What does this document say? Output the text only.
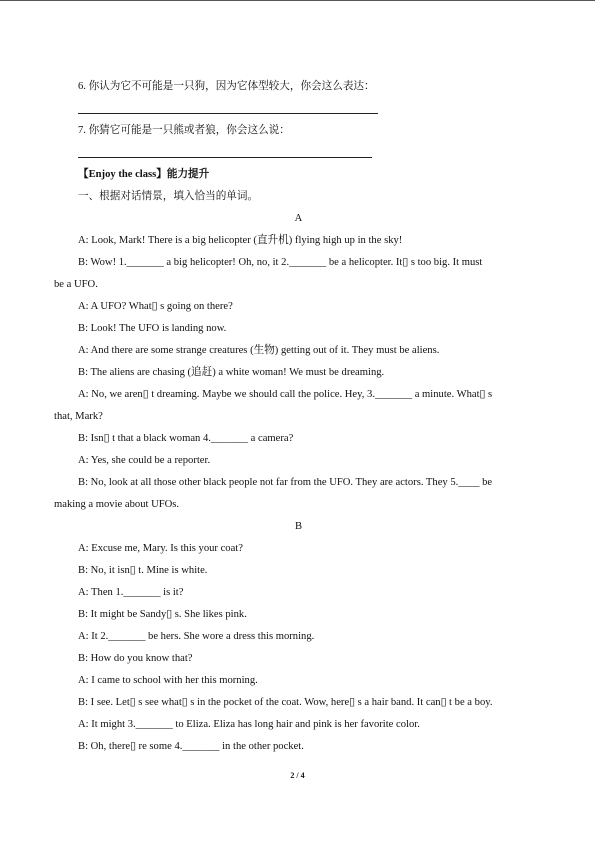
6. 你认为它不可能是一只狗，因为它体型较大，你会这么表达：
7. 你猜它可能是一只熊或者狼，你会这么说：
【Enjoy the class】能力提升
一、根据对话情景，填入恰当的单词。
A
A: Look, Mark! There is a big helicopter (直升机) flying high up in the sky!
B: Wow! 1._______ a big helicopter! Oh, no, it 2._______ be a helicopter. It▯ s too big. It must
be a UFO.
A: A UFO? What▯ s going on there?
B: Look! The UFO is landing now.
A: And there are some strange creatures (生物) getting out of it. They must be aliens.
B: The aliens are chasing (追赶) a white woman! We must be dreaming.
A: No, we aren▯ t dreaming. Maybe we should call the police. Hey, 3._______ a minute. What▯ s
that, Mark?
B: Isn▯ t that a black woman 4._______ a camera?
A: Yes, she could be a reporter.
B: No, look at all those other black people not far from the UFO. They are actors. They 5.____ be
making a movie about UFOs.
B
A: Excuse me, Mary. Is this your coat?
B: No, it isn▯ t. Mine is white.
A: Then 1._______ is it?
B: It might be Sandy▯ s. She likes pink.
A: It 2._______ be hers. She wore a dress this morning.
B: How do you know that?
A: I came to school with her this morning.
B: I see. Let▯ s see what▯ s in the pocket of the coat. Wow, here▯ s a hair band. It can▯ t be a boy.
A: It might 3._______ to Eliza. Eliza has long hair and pink is her favorite color.
B: Oh, there▯ re some 4._______ in the other pocket.
2 / 4
